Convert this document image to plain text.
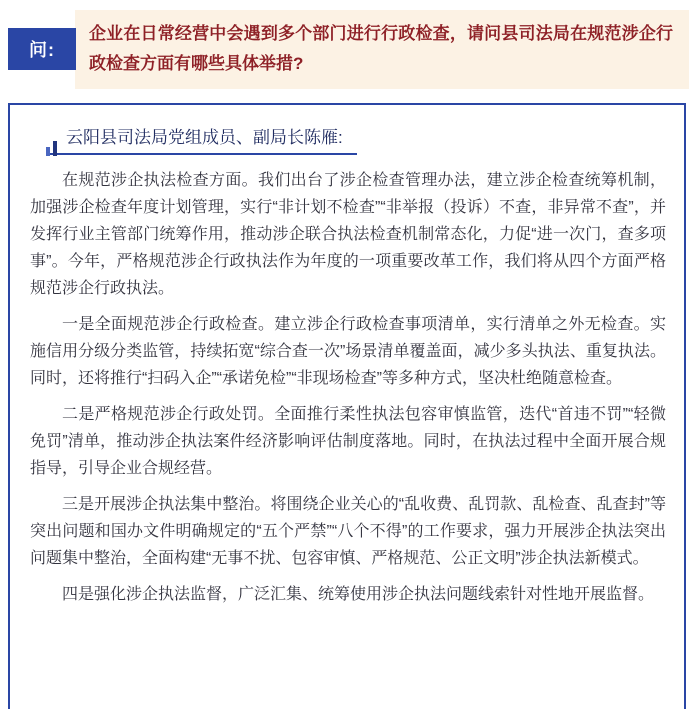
企业在日常经营中会遇到多个部门进行行政检查，请问县司法局在规范涉企行政检查方面有哪些具体举措?

问:
云阳县司法局党组成员、副局长陈雁:

在规范涉企执法检查方面。我们出台了涉企检查管理办法，建立涉企检查统筹机制，加强涉企检查年度计划管理，实行“非计划不检查”“非举报（投诉）不查，非异常不查”，并发挥行业主管部门统筹作用，推动涉企联合执法检查机制常态化，力促“进一次门，查多项事”。今年，严格规范涉企行政执法作为年度的一项重要改革工作，我们将从四个方面严格规范涉企行政执法。

一是全面规范涉企行政检查。建立涉企行政检查事项清单，实行清单之外无检查。实施信用分级分类监管，持续拓宽“综合查一次”场景清单覆盖面，减少多头执法、重复执法。同时，还将推行“扫码入企”“承诺免检”“非现场检查”等多种方式，坚决杜绝随意检查。

二是严格规范涉企行政处罚。全面推行柔性执法包容审慎监管，迭代“首违不罚”“轻微免罚”清单，推动涉企执法案件经济影响评估制度落地。同时，在执法过程中全面开展合规指导，引导企业合规经营。

三是开展涉企执法集中整治。将围绕企业关心的“乱收费、乱罚款、乱检查、乱查封”等突出问题和国办文件明确规定的“五个严禁”“八个不得”的工作要求，强力开展涉企执法突出问题集中整治，全面构建“无事不扰、包容审慎、严格规范、公正文明”涉企执法新模式。

四是强化涉企执法监督，广泛汇集、统筹使用涉企执法问题线索针对性地开展监督。
